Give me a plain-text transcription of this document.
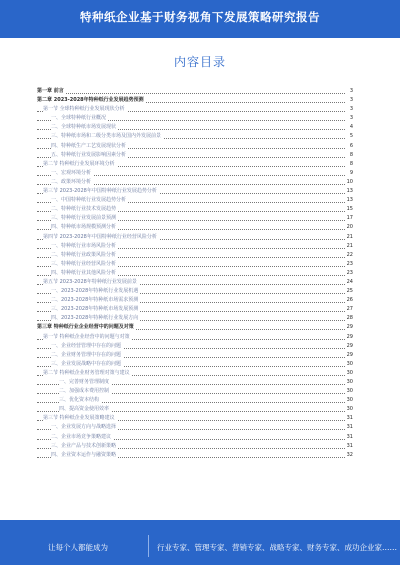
特种纸企业基于财务视角下发展策略研究报告
内容目录
第一章 前言	3
第二章 2023-2028年特种纸行业发展趋势预测	3
第一节 全球特种纸行业发展现状分析	3
一、全球特种纸行业概况	3
二、全球特种纸市场发展现状	4
三、特种纸市场和二级分类市场及国内外发展前景	5
四、特种纸生产工艺发展现状分析	6
五、特种纸行业发展影响因素分析	8
第二节 特种纸行业发展环境分析	8
一、宏观环境分析	9
二、政策环境分析	10
第三节 2023-2028年中国特种纸行业发展趋势分析	13
一、中国特种纸行业发展趋势分析	13
二、特种纸行业技术发展趋势	15
三、特种纸行业发展前景预测	17
四、特种纸市场规模预测分析	20
第四节 2023-2028年中国特种纸行业经营风险分析	21
一、特种纸行业市场风险分析	21
二、特种纸行业政策风险分析	22
三、特种纸行业经营风险分析	23
四、特种纸行业其他风险分析	23
第五节 2023-2028年特种纸行业发展前景	24
一、2023-2028年特种纸行业发展机遇	25
二、2023-2028年特种纸市场需求预测	26
三、2023-2028年特种纸市场发展预测	27
四、2023-2028年特种纸行业发展方向	28
第三章 特种纸行业企业经营中的问题及对策	29
第一节 特种纸企业经营中的问题与对策	29
一、企业经营管理中存在的问题	29
二、企业财务管理中存在的问题	29
三、企业发展战略中存在的问题	30
第二节 特种纸企业财务管理对策与建议	30
一、完善财务管理制度	30
二、加强成本费用控制	30
三、优化资本结构	30
四、提高资金使用效率	30
第三节 特种纸企业发展策略建议	31
一、企业发展方向与战略选择	31
二、企业市场竞争策略建议	31
三、企业产品与技术创新策略	31
四、企业资本运作与融资策略	32
让每个人都能成为	行业专家、管理专家、营销专家、战略专家、财务专家、成功企业家……
